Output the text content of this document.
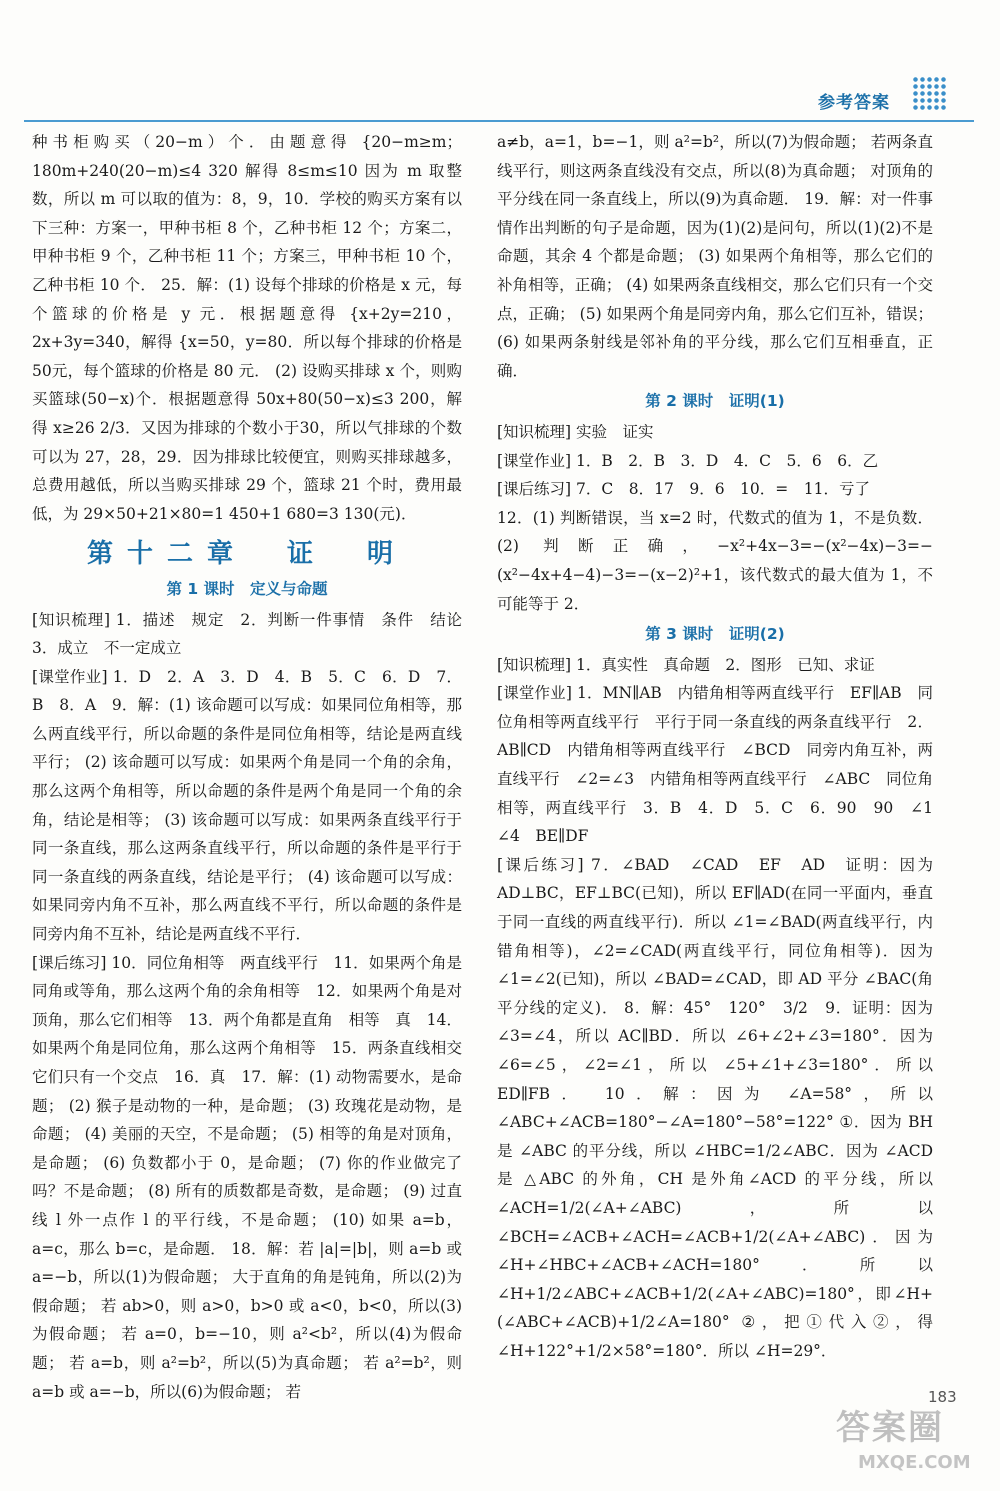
参考答案

种书柜购买（20−m）个．由题意得 {20−m≥m；180m+240(20−m)≤4 320 解得 8≤m≤10 因为 m 取整数，所以 m 可以取的值为：8，9，10．学校的购买方案有以下三种：方案一，甲种书柜 8 个，乙种书柜 12 个；方案二，甲种书柜 9 个，乙种书柜 11 个；方案三，甲种书柜 10 个，乙种书柜 10 个． 25．解：(1) 设每个排球的价格是 x 元，每个篮球的价格是 y 元．根据题意得 {x+2y=210，2x+3y=340，解得 {x=50，y=80．所以每个排球的价格是50元，每个篮球的价格是 80 元． (2) 设购买排球 x 个，则购买篮球(50−x)个．根据题意得 50x+80(50−x)≤3 200，解得 x≥26 2/3．又因为排球的个数小于30，所以气排球的个数可以为 27，28，29．因为排球比较便宜，则购买排球越多，总费用越低，所以当购买排球 29 个，篮球 21 个时，费用最低，为 29×50+21×80=1 450+1 680=3 130(元)．

第十二章　证　明
第 1 课时　定义与命题

[知识梳理] 1．描述　规定　2．判断一件事情　条件　结论　3．成立　不一定成立

[课堂作业] 1．D　2．A　3．D　4．B　5．C　6．D　7．B　8．A　9．解：(1) 该命题可以写成：如果同位角相等，那么两直线平行，所以命题的条件是同位角相等，结论是两直线平行； (2) 该命题可以写成：如果两个角是同一个角的余角，那么这两个角相等，所以命题的条件是两个角是同一个角的余角，结论是相等； (3) 该命题可以写成：如果两条直线平行于同一条直线，那么这两条直线平行，所以命题的条件是平行于同一条直线的两条直线，结论是平行； (4) 该命题可以写成：如果同旁内角不互补，那么两直线不平行，所以命题的条件是同旁内角不互补，结论是两直线不平行．

[课后练习] 10．同位角相等　两直线平行　11．如果两个角是同角或等角，那么这两个角的余角相等　12．如果两个角是对顶角，那么它们相等　13．两个角都是直角　相等　真　14．如果两个角是同位角，那么这两个角相等　15．两条直线相交　它们只有一个交点　16．真　17．解：(1) 动物需要水，是命题； (2) 猴子是动物的一种，是命题； (3) 玫瑰花是动物，是命题； (4) 美丽的天空，不是命题； (5) 相等的角是对顶角，是命题； (6) 负数都小于 0，是命题； (7) 你的作业做完了吗？不是命题； (8) 所有的质数都是奇数，是命题； (9) 过直线 l 外一点作 l 的平行线，不是命题； (10) 如果 a=b，a=c，那么 b=c，是命题． 18．解：若 |a|=|b|，则 a=b 或 a=−b，所以(1)为假命题； 大于直角的角是钝角，所以(2)为假命题； 若 ab>0，则 a>0，b>0 或 a<0，b<0，所以(3)为假命题； 若 a=0，b=−10，则 a²<b²，所以(4)为假命题； 若 a=b，则 a²=b²，所以(5)为真命题； 若 a²=b²，则 a=b 或 a=−b，所以(6)为假命题； 若

a≠b，a=1，b=−1，则 a²=b²，所以(7)为假命题； 若两条直线平行，则这两条直线没有交点，所以(8)为真命题； 对顶角的平分线在同一条直线上，所以(9)为真命题． 19．解：对一件事情作出判断的句子是命题，因为(1)(2)是问句，所以(1)(2)不是命题，其余 4 个都是命题； (3) 如果两个角相等，那么它们的补角相等，正确； (4) 如果两条直线相交，那么它们只有一个交点，正确； (5) 如果两个角是同旁内角，那么它们互补，错误； (6) 如果两条射线是邻补角的平分线，那么它们互相垂直，正确．

第 2 课时　证明(1)

[知识梳理] 实验　证实

[课堂作业] 1．B　2．B　3．D　4．C　5．6　6．乙

[课后练习] 7．C　8．17　9．6　10．=　11．亏了

12．(1) 判断错误，当 x=2 时，代数式的值为 1，不是负数． (2) 判断正确，−x²+4x−3=−(x²−4x)−3=−(x²−4x+4−4)−3=−(x−2)²+1，该代数式的最大值为 1，不可能等于 2．

第 3 课时　证明(2)

[知识梳理] 1．真实性　真命题　2．图形　已知、求证

[课堂作业] 1．MN∥AB　内错角相等两直线平行　EF∥AB　同位角相等两直线平行　平行于同一条直线的两条直线平行　2．AB∥CD　内错角相等两直线平行　∠BCD　同旁内角互补，两直线平行　∠2=∠3　内错角相等两直线平行　∠ABC　同位角相等，两直线平行　3．B　4．D　5．C　6．90　90　∠1　∠4　BE∥DF

[课后练习] 7．∠BAD　∠CAD　EF　AD　证明：因为 AD⊥BC，EF⊥BC(已知)，所以 EF∥AD(在同一平面内，垂直于同一直线的两直线平行)．所以 ∠1=∠BAD(两直线平行，内错角相等)，∠2=∠CAD(两直线平行，同位角相等)．因为 ∠1=∠2(已知)，所以 ∠BAD=∠CAD，即 AD 平分 ∠BAC(角平分线的定义)． 8．解：45°　120°　3/2　9．证明：因为 ∠3=∠4，所以 AC∥BD．所以 ∠6+∠2+∠3=180°．因为 ∠6=∠5，∠2=∠1，所以 ∠5+∠1+∠3=180°．所以 ED∥FB． 10．解：因为 ∠A=58°，所以 ∠ABC+∠ACB=180°−∠A=180°−58°=122° ①．因为 BH 是 ∠ABC 的平分线，所以 ∠HBC=1/2∠ABC．因为 ∠ACD 是 △ABC 的外角，CH 是外角∠ACD 的平分线，所以 ∠ACH=1/2(∠A+∠ABC)，所以 ∠BCH=∠ACB+∠ACH=∠ACB+1/2(∠A+∠ABC)．因为 ∠H+∠HBC+∠ACB+∠ACH=180°．所以 ∠H+1/2∠ABC+∠ACB+1/2(∠A+∠ABC)=180°，即∠H+(∠ABC+∠ACB)+1/2∠A=180° ②，把①代入②，得∠H+122°+1/2×58°=180°．所以 ∠H=29°．

183
答案圈
MXQE.COM
